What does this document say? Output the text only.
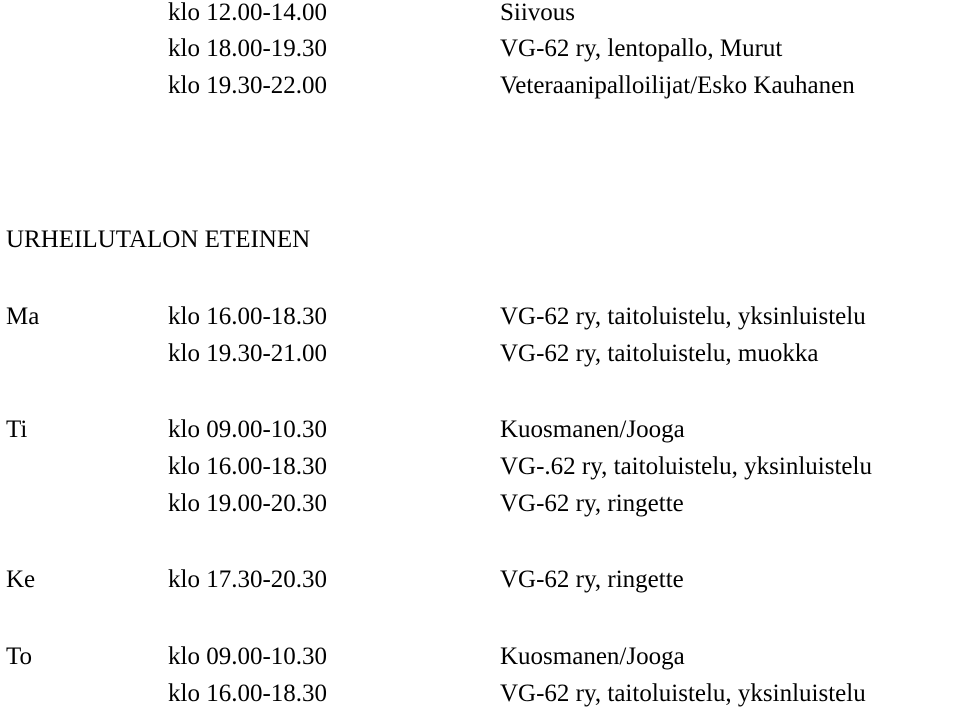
klo 12.00-14.00	Siivous
klo 18.00-19.30	VG-62 ry, lentopallo, Murut
klo 19.30-22.00	Veteraanipalloilijat/Esko Kauhanen
URHEILUTALON ETEINEN
Ma	klo 16.00-18.30	VG-62 ry, taitoluistelu, yksinluistelu
klo 19.30-21.00	VG-62 ry, taitoluistelu, muokka
Ti	klo 09.00-10.30	Kuosmanen/Jooga
klo 16.00-18.30	VG-.62 ry, taitoluistelu, yksinluistelu
klo 19.00-20.30	VG-62 ry, ringette
Ke	klo 17.30-20.30	VG-62 ry, ringette
To	klo 09.00-10.30	Kuosmanen/Jooga
klo 16.00-18.30	VG-62 ry, taitoluistelu, yksinluistelu
